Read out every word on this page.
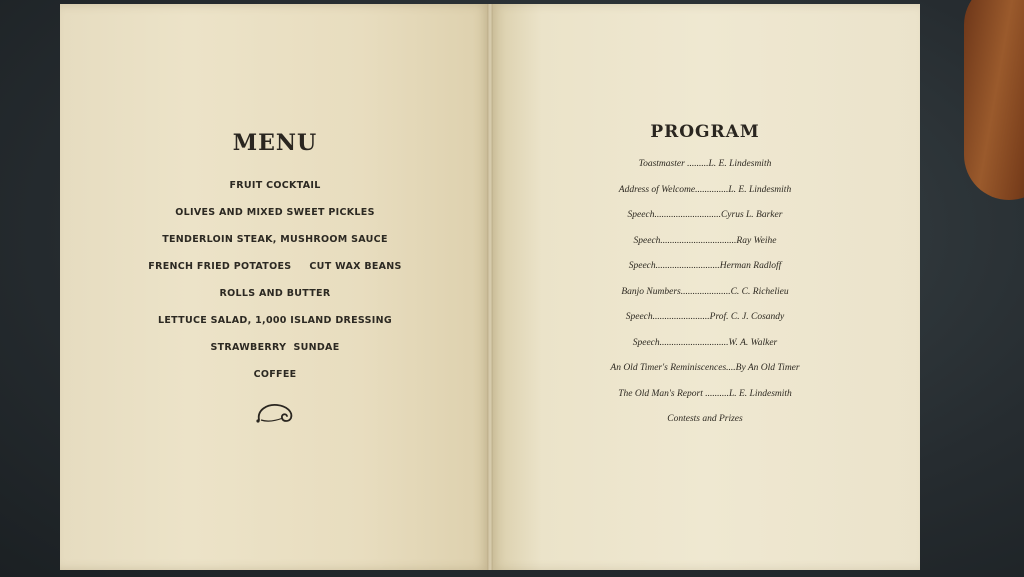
MENU
FRUIT COCKTAIL
OLIVES AND MIXED SWEET PICKLES
TENDERLOIN STEAK, MUSHROOM SAUCE
FRENCH FRIED POTATOES     CUT WAX BEANS
ROLLS AND BUTTER
LETTUCE SALAD, 1,000 ISLAND DRESSING
STRAWBERRY  SUNDAE
COFFEE
PROGRAM
Toastmaster .........L. E. Lindesmith
Address of Welcome..............L. E. Lindesmith
Speech............................Cyrus L. Barker
Speech................................Ray Weihe
Speech...........................Herman Radloff
Banjo Numbers.....................C. C. Richelieu
Speech........................Prof. C. J. Cosandy
Speech.............................W. A. Walker
An Old Timer's Reminiscences....By An Old Timer
The Old Man's Report ..........L. E. Lindesmith
Contests and Prizes
